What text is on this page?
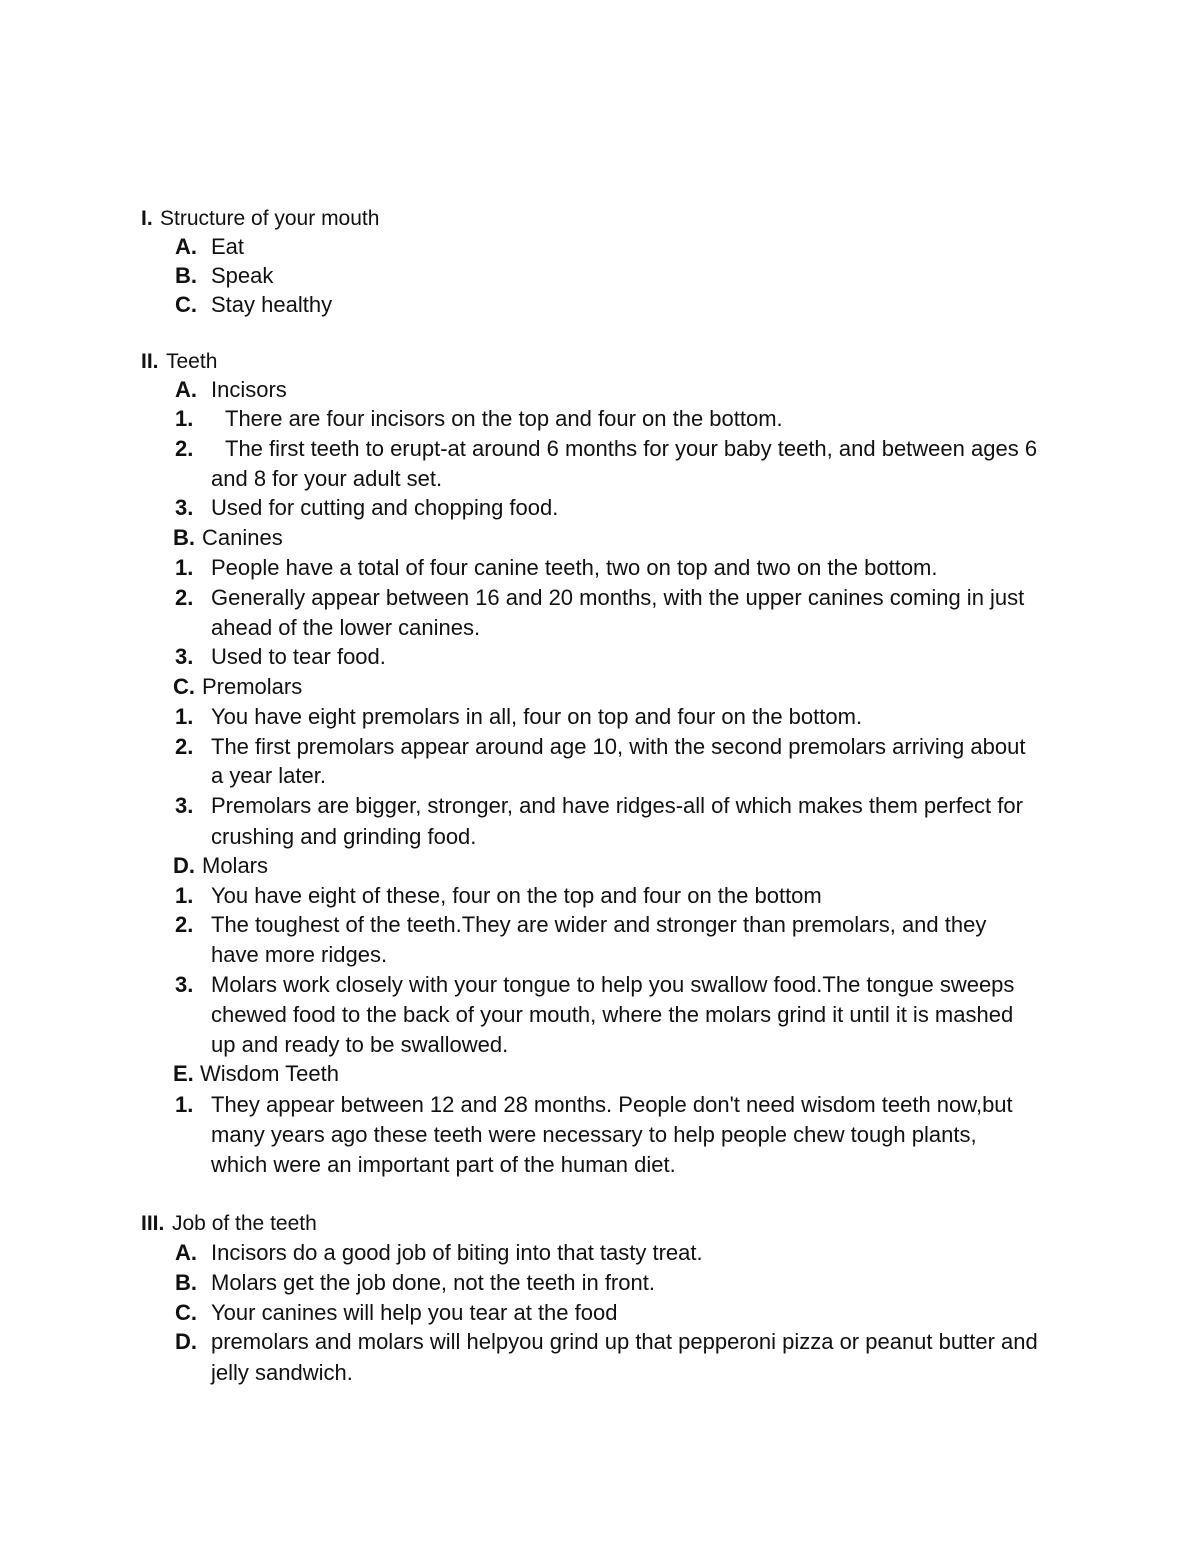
I. Structure of your mouth
A. Eat
B. Speak
C. Stay healthy
II. Teeth
A. Incisors
1. There are four incisors on the top and four on the bottom.
2. The first teeth to erupt-at around 6 months for your baby teeth, and between ages 6
and 8 for your adult set.
3. Used for cutting and chopping food.
B. Canines
1. People have a total of four canine teeth, two on top and two on the bottom.
2. Generally appear between 16 and 20 months, with the upper canines coming in just
ahead of the lower canines.
3. Used to tear food.
C. Premolars
1. You have eight premolars in all, four on top and four on the bottom.
2. The first premolars appear around age 10, with the second premolars arriving about
a year later.
3. Premolars are bigger, stronger, and have ridges-all of which makes them perfect for
crushing and grinding food.
D. Molars
1. You have eight of these, four on the top and four on the bottom
2. The toughest of the teeth.They are wider and stronger than premolars, and they
have more ridges.
3. Molars work closely with your tongue to help you swallow food.The tongue sweeps
chewed food to the back of your mouth, where the molars grind it until it is mashed
up and ready to be swallowed.
E. Wisdom Teeth
1. They appear between 12 and 28 months. People don't need wisdom teeth now,but
many years ago these teeth were necessary to help people chew tough plants,
which were an important part of the human diet.
III. Job of the teeth
A. Incisors do a good job of biting into that tasty treat.
B. Molars get the job done, not the teeth in front.
C. Your canines will help you tear at the food
D. premolars and molars will helpyou grind up that pepperoni pizza or peanut butter and
jelly sandwich.
